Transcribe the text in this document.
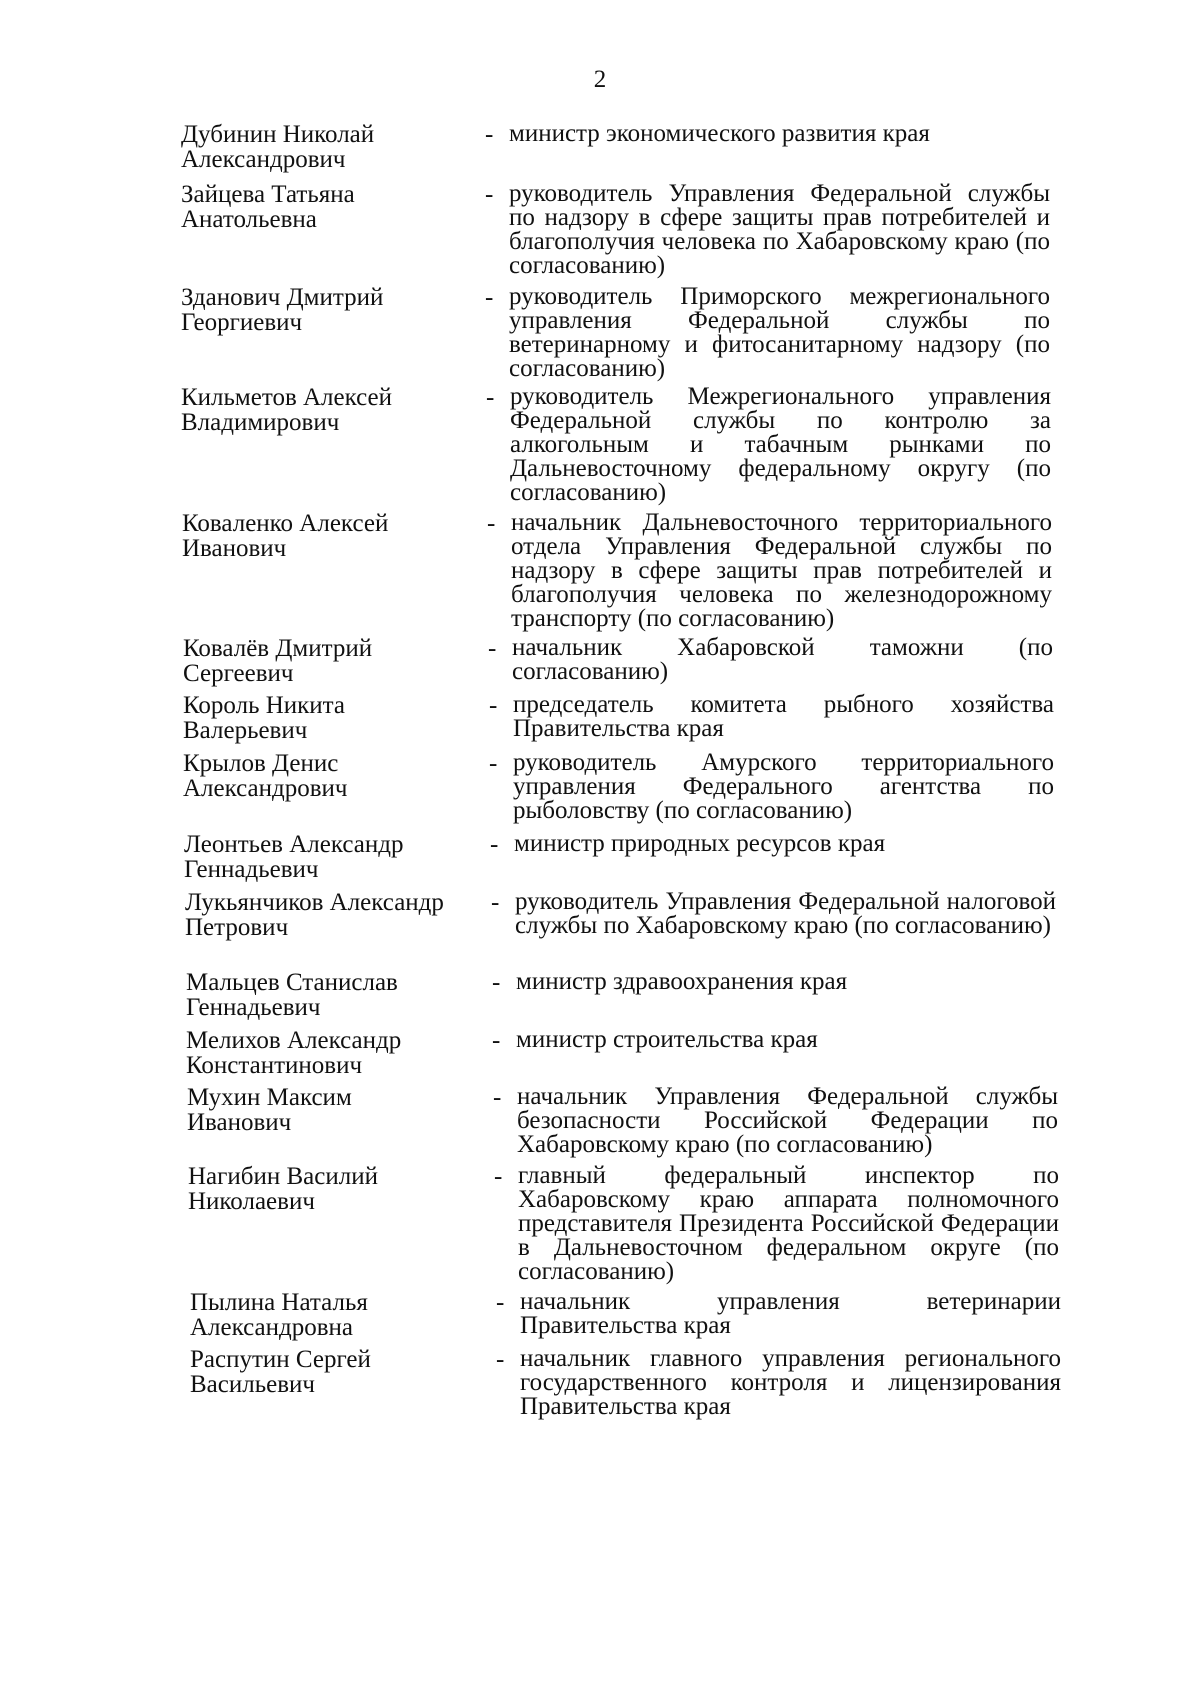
2
Дубинин Николай
Александрович
- министр экономического развития края
Зайцева Татьяна
Анатольевна
- руководитель Управления Федеральной службы по надзору в сфере защиты прав потребителей и благополучия человека по Хабаровскому краю (по согласованию)
Зданович Дмитрий
Георгиевич
- руководитель Приморского межрегионального управления Федеральной службы по ветеринарному и фитосанитарному надзору (по согласованию)
Кильметов Алексей
Владимирович
- руководитель Межрегионального управления Федеральной службы по контролю за алкогольным и табачным рынками по Дальневосточному федеральному округу (по согласованию)
Коваленко Алексей
Иванович
- начальник Дальневосточного территориального отдела Управления Федеральной службы по надзору в сфере защиты прав потребителей и благополучия человека по железнодорожному транспорту (по согласованию)
Ковалёв Дмитрий
Сергеевич
- начальник Хабаровской таможни (по согласованию)
Король Никита
Валерьевич
- председатель комитета рыбного хозяйства Правительства края
Крылов Денис
Александрович
- руководитель Амурского территориального управления Федерального агентства по рыболовству (по согласованию)
Леонтьев Александр
Геннадьевич
- министр природных ресурсов края
Лукьянчиков Александр
Петрович
- руководитель Управления Федеральной налоговой службы по Хабаровскому краю (по согласованию)
Мальцев Станислав
Геннадьевич
- министр здравоохранения края
Мелихов Александр
Константинович
- министр строительства края
Мухин Максим
Иванович
- начальник Управления Федеральной службы безопасности Российской Федерации по Хабаровскому краю (по согласованию)
Нагибин Василий
Николаевич
- главный федеральный инспектор по Хабаровскому краю аппарата полномочного представителя Президента Российской Федерации в Дальневосточном федеральном округе (по согласованию)
Пылина Наталья
Александровна
- начальник управления ветеринарии Правительства края
Распутин Сергей
Васильевич
- начальник главного управления регионального государственного контроля и лицензирования Правительства края
